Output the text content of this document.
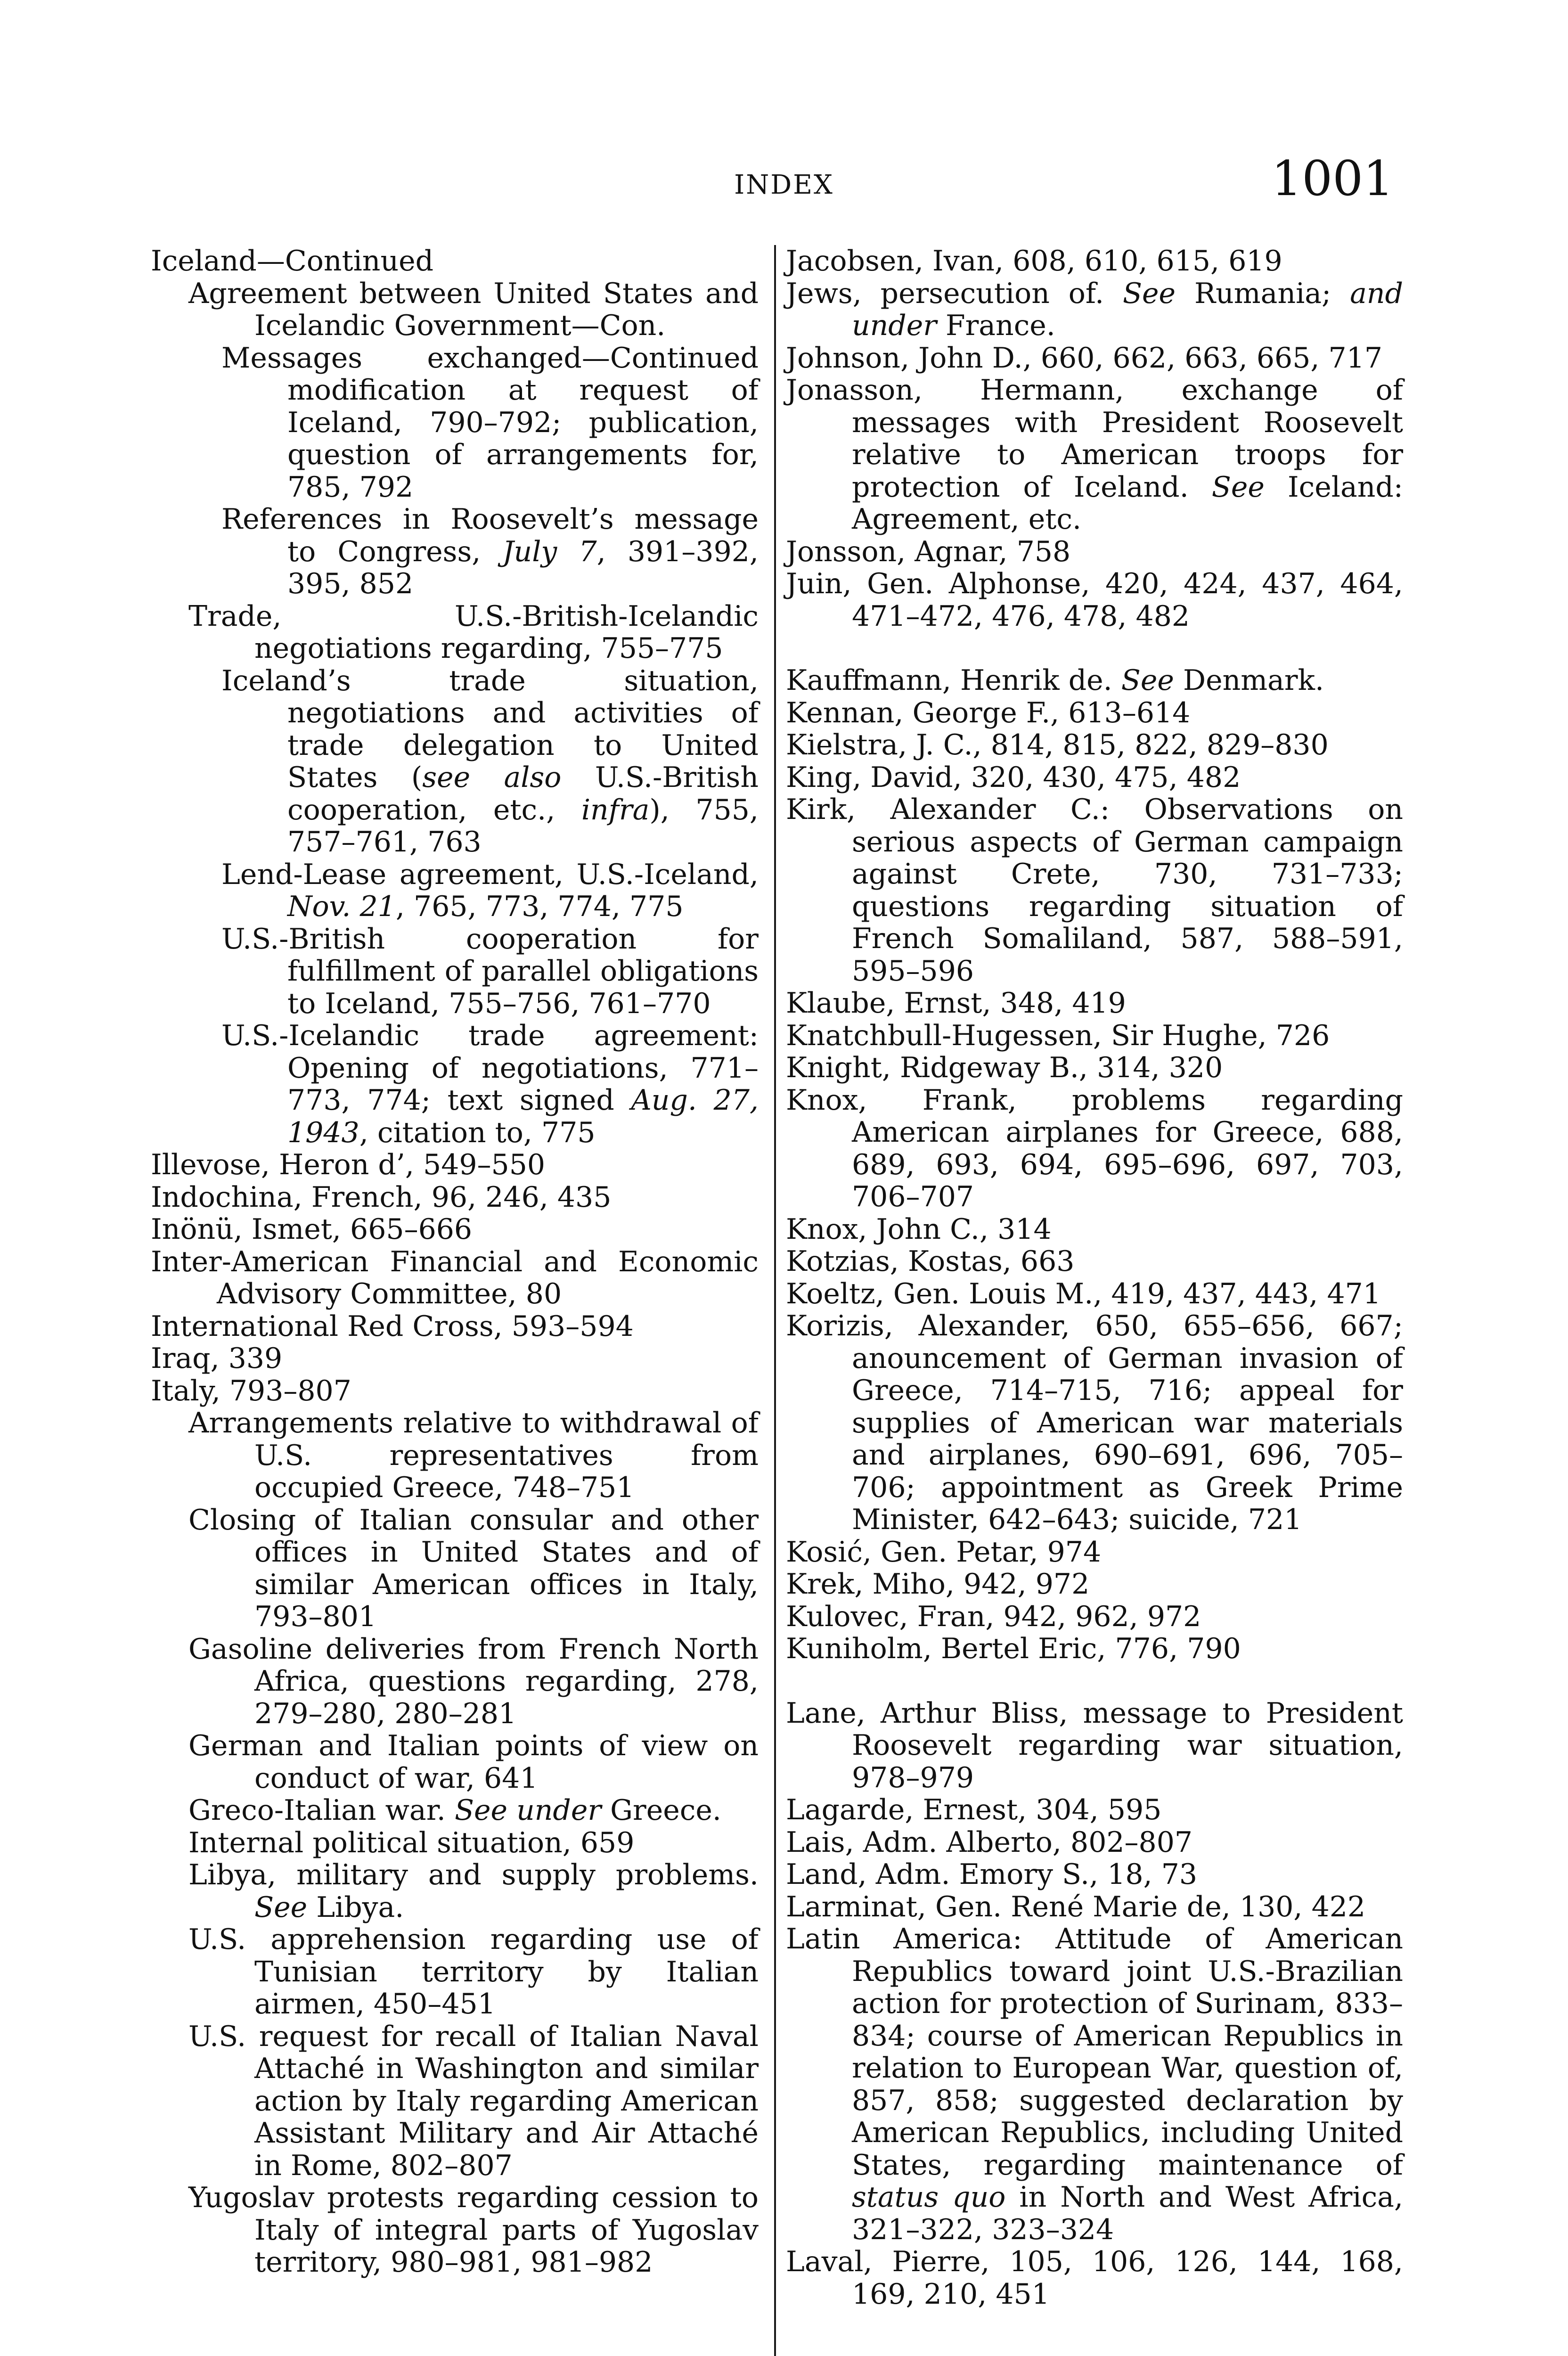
INDEX	1001

Iceland—Continued

Agreement between United States and Icelandic Government—Con.

Messages exchanged—Continued modification at request of Iceland, 790–792; publication, question of arrangements for, 785, 792

References in Roosevelt’s message to Congress, July 7, 391–392, 395, 852

Trade, U.S.-British-Icelandic negotiations regarding, 755–775

Iceland’s trade situation, negotiations and activities of trade delegation to United States (see also U.S.-British cooperation, etc., infra), 755, 757–761, 763

Lend-Lease agreement, U.S.-Iceland, Nov. 21, 765, 773, 774, 775

U.S.-British cooperation for fulfillment of parallel obligations to Iceland, 755–756, 761–770

U.S.-Icelandic trade agreement: Opening of negotiations, 771–773, 774; text signed Aug. 27, 1943, citation to, 775

Illevose, Heron d’, 549–550

Indochina, French, 96, 246, 435

Inönü, Ismet, 665–666

Inter-American Financial and Economic Advisory Committee, 80

International Red Cross, 593–594

Iraq, 339

Italy, 793–807

Arrangements relative to withdrawal of U.S. representatives from occupied Greece, 748–751

Closing of Italian consular and other offices in United States and of similar American offices in Italy, 793–801

Gasoline deliveries from French North Africa, questions regarding, 278, 279–280, 280–281

German and Italian points of view on conduct of war, 641

Greco-Italian war. See under Greece.

Internal political situation, 659

Libya, military and supply problems. See Libya.

U.S. apprehension regarding use of Tunisian territory by Italian airmen, 450–451

U.S. request for recall of Italian Naval Attaché in Washington and similar action by Italy regarding American Assistant Military and Air Attaché in Rome, 802–807

Yugoslav protests regarding cession to Italy of integral parts of Yugoslav territory, 980–981, 981–982

Jacobsen, Ivan, 608, 610, 615, 619

Jews, persecution of. See Rumania; and under France.

Johnson, John D., 660, 662, 663, 665, 717

Jonasson, Hermann, exchange of messages with President Roosevelt relative to American troops for protection of Iceland. See Iceland: Agreement, etc.

Jonsson, Agnar, 758

Juin, Gen. Alphonse, 420, 424, 437, 464, 471–472, 476, 478, 482

Kauffmann, Henrik de. See Denmark.

Kennan, George F., 613–614

Kielstra, J. C., 814, 815, 822, 829–830

King, David, 320, 430, 475, 482

Kirk, Alexander C.: Observations on serious aspects of German campaign against Crete, 730, 731–733; questions regarding situation of French Somaliland, 587, 588–591, 595–596

Klaube, Ernst, 348, 419

Knatchbull-Hugessen, Sir Hughe, 726

Knight, Ridgeway B., 314, 320

Knox, Frank, problems regarding American airplanes for Greece, 688, 689, 693, 694, 695–696, 697, 703, 706–707

Knox, John C., 314

Kotzias, Kostas, 663

Koeltz, Gen. Louis M., 419, 437, 443, 471

Korizis, Alexander, 650, 655–656, 667; anouncement of German invasion of Greece, 714–715, 716; appeal for supplies of American war materials and airplanes, 690–691, 696, 705–706; appointment as Greek Prime Minister, 642–643; suicide, 721

Kosić, Gen. Petar, 974

Krek, Miho, 942, 972

Kulovec, Fran, 942, 962, 972

Kuniholm, Bertel Eric, 776, 790

Lane, Arthur Bliss, message to President Roosevelt regarding war situation, 978–979

Lagarde, Ernest, 304, 595

Lais, Adm. Alberto, 802–807

Land, Adm. Emory S., 18, 73

Larminat, Gen. René Marie de, 130, 422

Latin America: Attitude of American Republics toward joint U.S.-Brazilian action for protection of Surinam, 833–834; course of American Republics in relation to European War, question of, 857, 858; suggested declaration by American Republics, including United States, regarding maintenance of status quo in North and West Africa, 321–322, 323–324

Laval, Pierre, 105, 106, 126, 144, 168, 169, 210, 451
